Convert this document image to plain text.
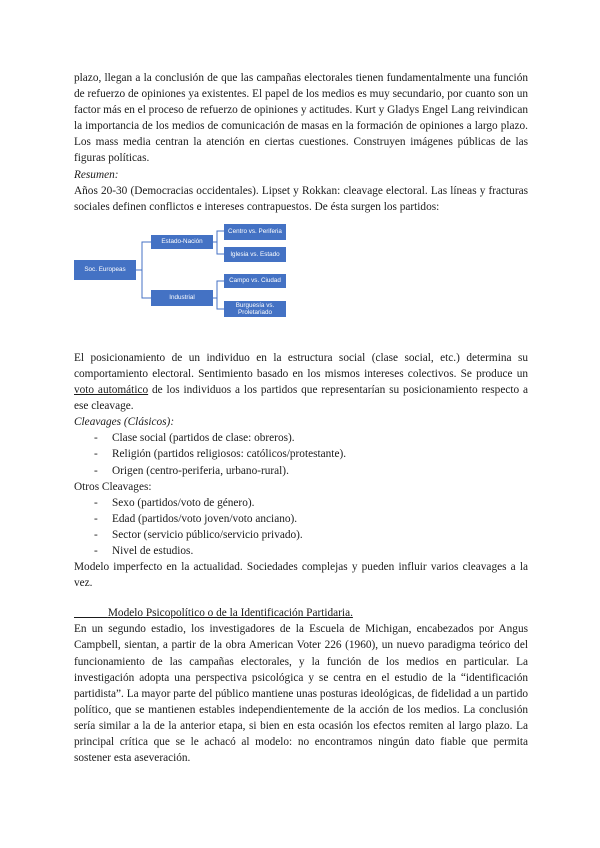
plazo, llegan a la conclusión de que las campañas electorales tienen fundamentalmente una función de refuerzo de opiniones ya existentes. El papel de los medios es muy secundario, por cuanto son un factor más en el proceso de refuerzo de opiniones y actitudes. Kurt y Gladys Engel Lang reivindican la importancia de los medios de comunicación de masas en la formación de opiniones a largo plazo. Los mass media centran la atención en ciertas cuestiones. Construyen imágenes públicas de las figuras políticas.

Resumen:

Años 20-30 (Democracias occidentales). Lipset y Rokkan: cleavage electoral. Las líneas y fracturas sociales definen conflictos e intereses contrapuestos. De ésta surgen los partidos:

Soc. Europeas
Estado-Nación
Industrial
Centro vs. Periferia
Iglesia vs. Estado
Campo vs. Ciudad
Burguesía vs. Proletariado

El posicionamiento de un individuo en la estructura social (clase social, etc.) determina su comportamiento electoral. Sentimiento basado en los mismos intereses colectivos. Se produce un voto automático de los individuos a los partidos que representarían su posicionamiento respecto a ese cleavage.

Cleavages (Clásicos):

- Clase social (partidos de clase: obreros).
- Religión (partidos religiosos: católicos/protestante).
- Origen (centro-periferia, urbano-rural).

Otros Cleavages:

- Sexo (partidos/voto de género).
- Edad (partidos/voto joven/voto anciano).
- Sector (servicio público/servicio privado).
- Nivel de estudios.

Modelo imperfecto en la actualidad. Sociedades complejas y pueden influir varios cleavages a la vez.

Modelo Psicopolítico o de la Identificación Partidaria.

En un segundo estadio, los investigadores de la Escuela de Michigan, encabezados por Angus Campbell, sientan, a partir de la obra American Voter 226 (1960), un nuevo paradigma teórico del funcionamiento de las campañas electorales, y la función de los medios en particular. La investigación adopta una perspectiva psicológica y se centra en el estudio de la “identificación partidista”. La mayor parte del público mantiene unas posturas ideológicas, de fidelidad a un partido político, que se mantienen estables independientemente de la acción de los medios. La conclusión sería similar a la de la anterior etapa, si bien en esta ocasión los efectos remiten al largo plazo. La principal crítica que se le achacó al modelo: no encontramos ningún dato fiable que permita sostener esta aseveración.
